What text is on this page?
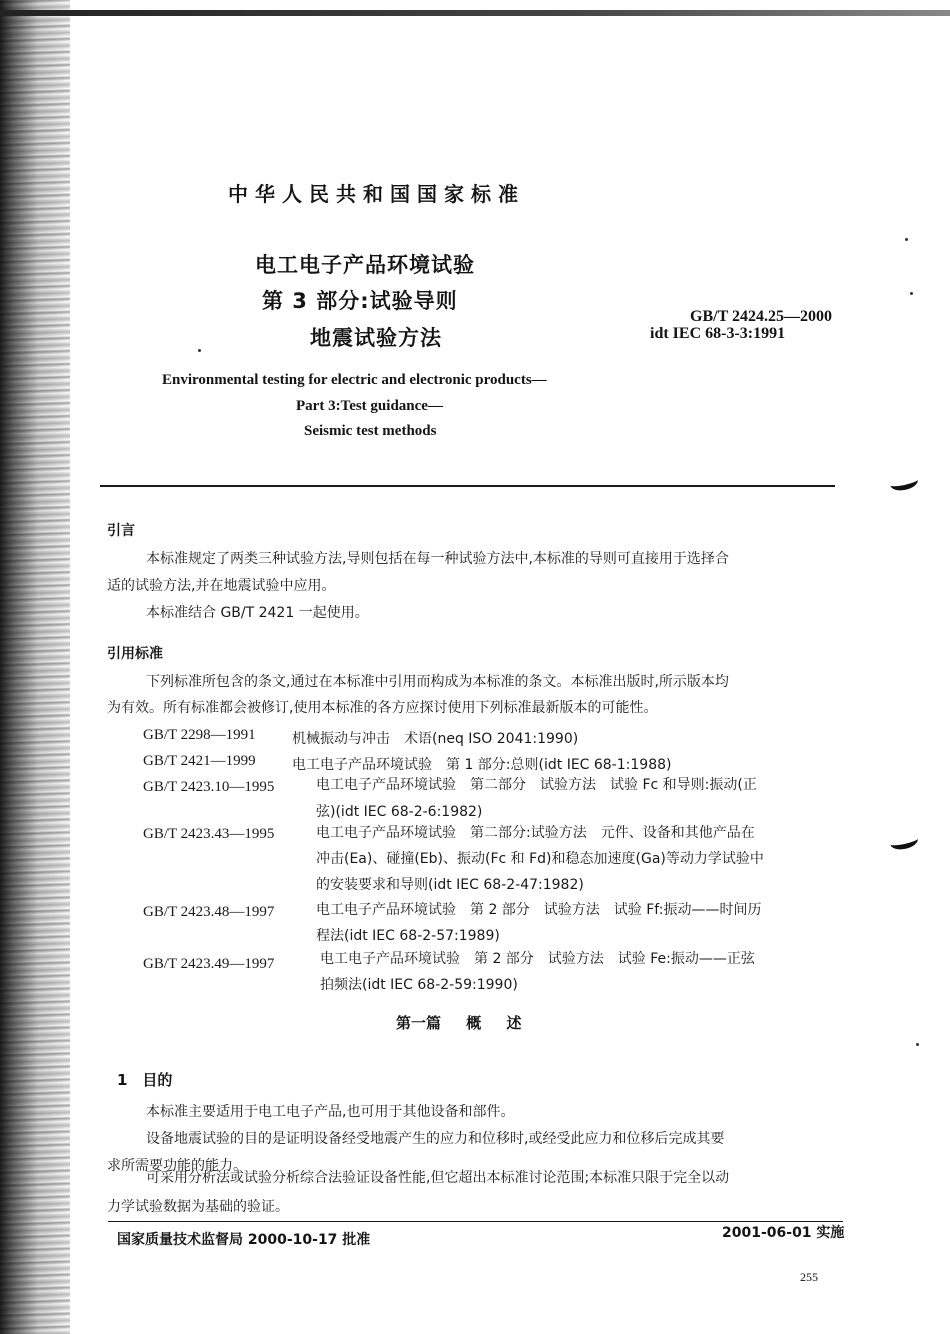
中华人民共和国国家标准
电工电子产品环境试验
第 3 部分:试验导则
地震试验方法
GB/T 2424.25—2000
idt IEC 68-3-3:1991
Environmental testing for electric and electronic products—
Part 3:Test guidance—
Seismic test methods
引言
本标准规定了两类三种试验方法,导则包括在每一种试验方法中,本标准的导则可直接用于选择合
适的试验方法,并在地震试验中应用。
本标准结合 GB/T 2421 一起使用。
引用标准
下列标准所包含的条文,通过在本标准中引用而构成为本标准的条文。本标准出版时,所示版本均
为有效。所有标准都会被修订,使用本标准的各方应探讨使用下列标准最新版本的可能性。
GB/T 2298—1991	机械振动与冲击　术语(neq ISO 2041:1990)
GB/T 2421—1999	电工电子产品环境试验　第 1 部分:总则(idt IEC 68-1:1988)
GB/T 2423.10—1995	电工电子产品环境试验　第二部分　试验方法　试验 Fc 和导则:振动(正
弦)(idt IEC 68-2-6:1982)
GB/T 2423.43—1995	电工电子产品环境试验　第二部分:试验方法　元件、设备和其他产品在
冲击(Ea)、碰撞(Eb)、振动(Fc 和 Fd)和稳态加速度(Ga)等动力学试验中
的安装要求和导则(idt IEC 68-2-47:1982)
GB/T 2423.48—1997	电工电子产品环境试验　第 2 部分　试验方法　试验 Ff:振动——时间历
程法(idt IEC 68-2-57:1989)
GB/T 2423.49—1997	电工电子产品环境试验　第 2 部分　试验方法　试验 Fe:振动——正弦
拍频法(idt IEC 68-2-59:1990)
第一篇 概 述
1　目的
本标准主要适用于电工电子产品,也可用于其他设备和部件。
设备地震试验的目的是证明设备经受地震产生的应力和位移时,或经受此应力和位移后完成其要
求所需要功能的能力。
可采用分析法或试验分析综合法验证设备性能,但它超出本标准讨论范围;本标准只限于完全以动
力学试验数据为基础的验证。
国家质量技术监督局 2000-10-17 批准	2001-06-01 实施
255
